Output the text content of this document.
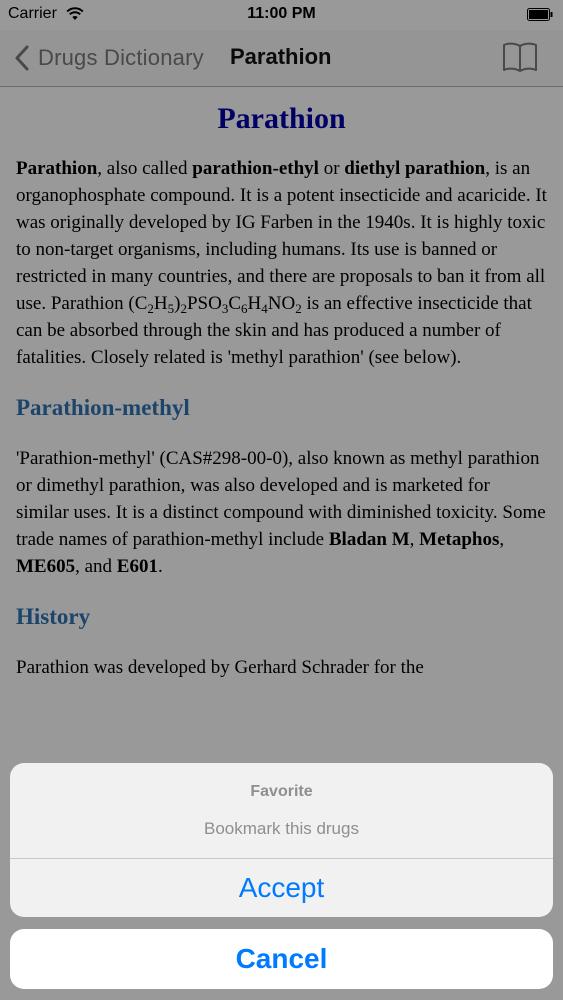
Carrier	11:00 PM
Drugs Dictionary Parathion
Parathion

Parathion, also called parathion-ethyl or diethyl parathion, is an organophosphate compound. It is a potent insecticide and acaricide. It was originally developed by IG Farben in the 1940s. It is highly toxic to non-target organisms, including humans. Its use is banned or restricted in many countries, and there are proposals to ban it from all use. Parathion $(C_2H_5)_2PSO_3C_6H_4NO_2$ is an effective insecticide that can be absorbed through the skin and has produced a number of fatalities. Closely related is 'methyl parathion' (see below).

Parathion-methyl

'Parathion-methyl' (CAS#298-00-0), also known as methyl parathion or dimethyl parathion, was also developed and is marketed for similar uses. It is a distinct compound with diminished toxicity. Some trade names of parathion-methyl include Bladan M, Metaphos, ME605, and E601.

History

Parathion was developed by Gerhard Schrader for the

Favorite
Bookmark this drugs
Accept
Cancel
